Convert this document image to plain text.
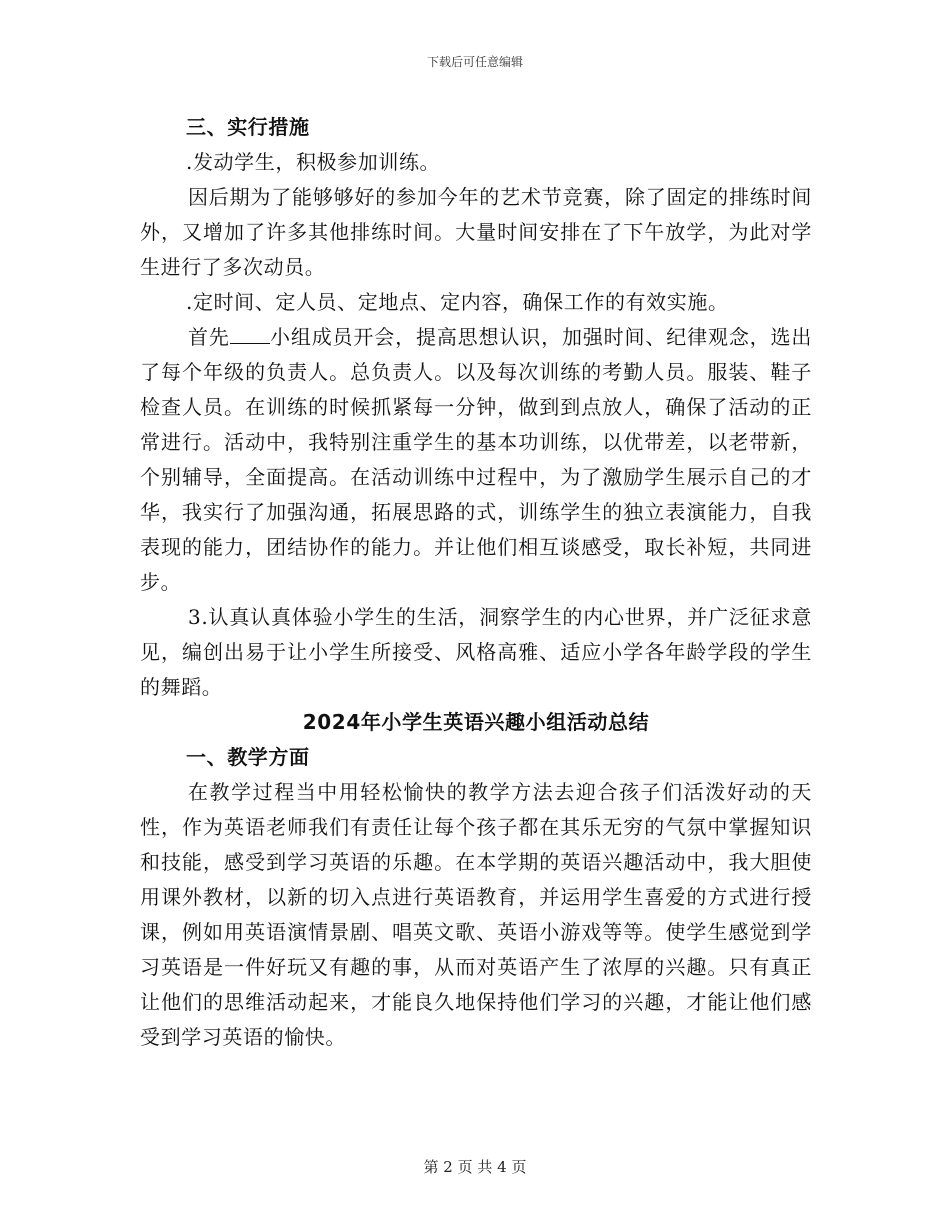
下载后可任意编辑

三、实行措施

.发动学生，积极参加训练。

因后期为了能够够好的参加今年的艺术节竞赛，除了固定的排练时间外，又增加了许多其他排练时间。大量时间安排在了下午放学，为此对学生进行了多次动员。

.定时间、定人员、定地点、定内容，确保工作的有效实施。

首先 小组成员开会，提高思想认识，加强时间、纪律观念，选出了每个年级的负责人。总负责人。以及每次训练的考勤人员。服装、鞋子检查人员。在训练的时候抓紧每一分钟，做到到点放人，确保了活动的正常进行。活动中，我特别注重学生的基本功训练，以优带差，以老带新，个别辅导，全面提高。在活动训练中过程中，为了激励学生展示自己的才华，我实行了加强沟通，拓展思路的式，训练学生的独立表演能力，自我表现的能力，团结协作的能力。并让他们相互谈感受，取长补短，共同进步。

3.认真认真体验小学生的生活，洞察学生的内心世界，并广泛征求意见，编创出易于让小学生所接受、风格高雅、适应小学各年龄学段的学生的舞蹈。

2024年小学生英语兴趣小组活动总结

一、教学方面

在教学过程当中用轻松愉快的教学方法去迎合孩子们活泼好动的天性，作为英语老师我们有责任让每个孩子都在其乐无穷的气氛中掌握知识和技能，感受到学习英语的乐趣。在本学期的英语兴趣活动中，我大胆使用课外教材，以新的切入点进行英语教育，并运用学生喜爱的方式进行授课，例如用英语演情景剧、唱英文歌、英语小游戏等等。使学生感觉到学习英语是一件好玩又有趣的事，从而对英语产生了浓厚的兴趣。只有真正让他们的思维活动起来，才能良久地保持他们学习的兴趣，才能让他们感受到学习英语的愉快。

第 2 页 共 4 页
